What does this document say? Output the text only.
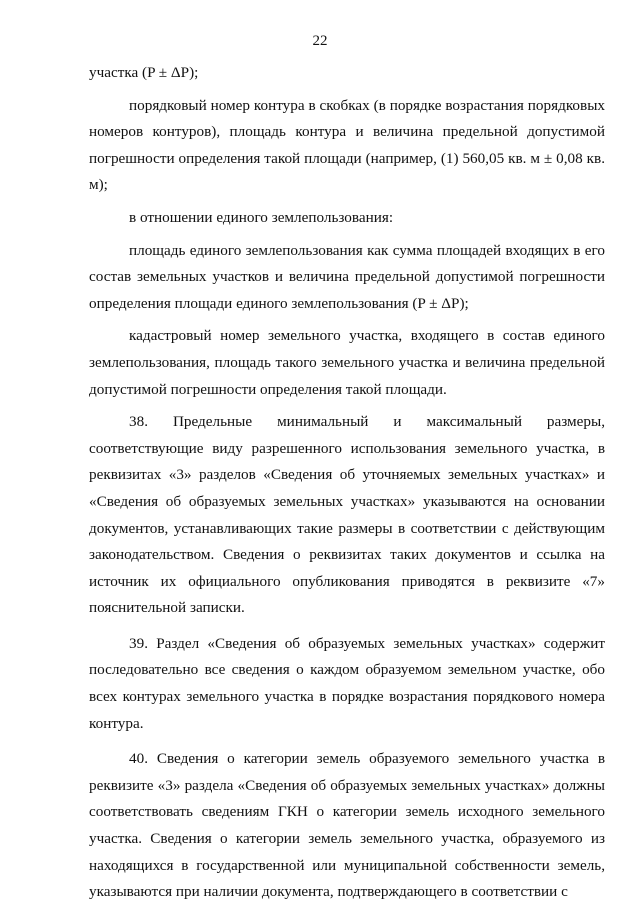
22

участка (P ± ΔP);

порядковый номер контура в скобках (в порядке возрастания порядковых номеров контуров), площадь контура и величина предельной допустимой погрешности определения такой площади (например, (1) 560,05 кв. м ± 0,08 кв. м);

в отношении единого землепользования:

площадь единого землепользования как сумма площадей входящих в его состав земельных участков и величина предельной допустимой погрешности определения площади единого землепользования (P ± ΔP);

кадастровый номер земельного участка, входящего в состав единого землепользования, площадь такого земельного участка и величина предельной допустимой погрешности определения такой площади.

38. Предельные минимальный и максимальный размеры, соответствующие виду разрешенного использования земельного участка, в реквизитах «3» разделов «Сведения об уточняемых земельных участках» и «Сведения об образуемых земельных участках» указываются на основании документов, устанавливающих такие размеры в соответствии с действующим законодательством. Сведения о реквизитах таких документов и ссылка на источник их официального опубликования приводятся в реквизите «7» пояснительной записки.

39. Раздел «Сведения об образуемых земельных участках» содержит последовательно все сведения о каждом образуемом земельном участке, обо всех контурах земельного участка в порядке возрастания порядкового номера контура.

40. Сведения о категории земель образуемого земельного участка в реквизите «3» раздела «Сведения об образуемых земельных участках» должны соответствовать сведениям ГКН о категории земель исходного земельного участка. Сведения о категории земель земельного участка, образуемого из находящихся в государственной или муниципальной собственности земель, указываются при наличии документа, подтверждающего в соответствии с
